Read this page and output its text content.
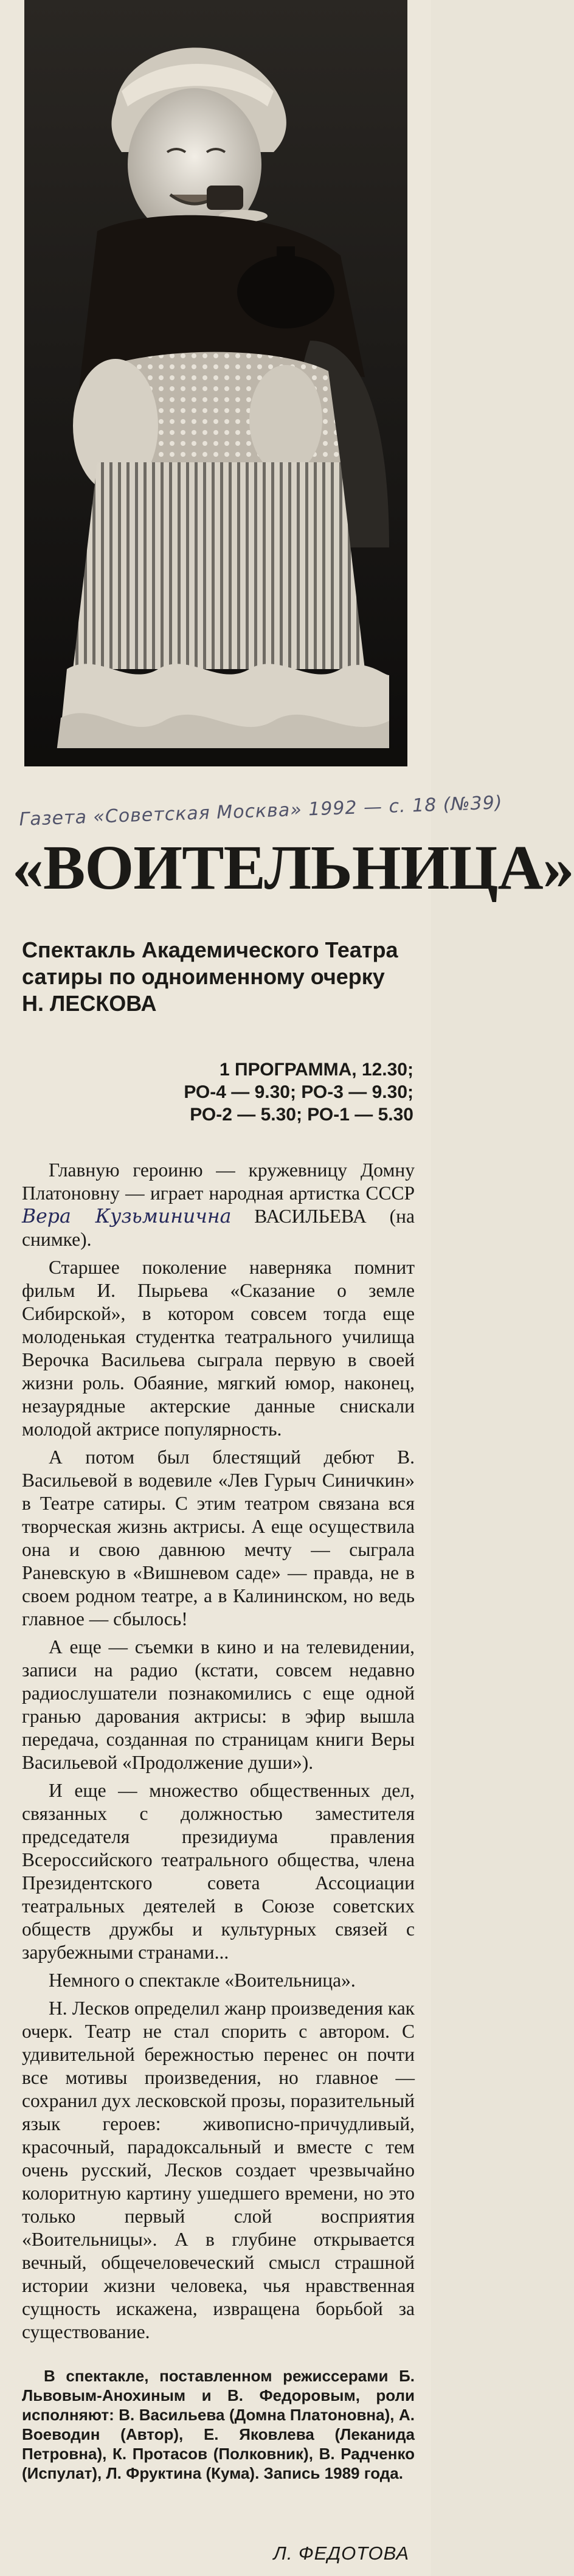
Газета «Советская Москва» 1992 — с. 18 (№39)
«ВОИТЕЛЬНИЦА»
Спектакль Академического Театра сатиры по одноименному очерку Н. ЛЕСКОВА
1 ПРОГРАММА, 12.30;
РО-4 — 9.30; РО-3 — 9.30;
РО-2 — 5.30; РО-1 — 5.30

Главную героиню — кружевницу Домну Платоновну — играет народная артистка СССР Вера Кузьминична ВАСИЛЬЕВА (на снимке).

Старшее поколение наверняка помнит фильм И. Пырьева «Сказание о земле Сибирской», в котором совсем тогда еще молоденькая студентка театрального училища Верочка Васильева сыграла первую в своей жизни роль. Обаяние, мягкий юмор, наконец, незаурядные актерские данные снискали молодой актрисе популярность.

А потом был блестящий дебют В. Васильевой в водевиле «Лев Гурыч Синичкин» в Театре сатиры. С этим театром связана вся творческая жизнь актрисы. А еще осуществила она и свою давнюю мечту — сыграла Раневскую в «Вишневом саде» — правда, не в своем родном театре, а в Калининском, но ведь главное — сбылось!

А еще — съемки в кино и на телевидении, записи на радио (кстати, совсем недавно радиослушатели познакомились с еще одной гранью дарования актрисы: в эфир вышла передача, созданная по страницам книги Веры Васильевой «Продолжение души»).

И еще — множество общественных дел, связанных с должностью заместителя председателя президиума правления Всероссийского театрального общества, члена Президентского совета Ассоциации театральных деятелей в Союзе советских обществ дружбы и культурных связей с зарубежными странами...

Немного о спектакле «Воительница».

Н. Лесков определил жанр произведения как очерк. Театр не стал спорить с автором. С удивительной бережностью перенес он почти все мотивы произведения, но главное — сохранил дух лесковской прозы, поразительный язык героев: живописно-причудливый, красочный, парадоксальный и вместе с тем очень русский, Лесков создает чрезвычайно колоритную картину ушедшего времени, но это только первый слой восприятия «Воительницы». А в глубине открывается вечный, общечеловеческий смысл страшной истории жизни человека, чья нравственная сущность искажена, извращена борьбой за существование.

В спектакле, поставленном режиссерами Б. Львовым-Анохиным и В. Федоровым, роли исполняют: В. Васильева (Домна Платоновна), А. Воеводин (Автор), Е. Яковлева (Леканида Петровна), К. Протасов (Полковник), В. Радченко (Испулат), Л. Фруктина (Кума). Запись 1989 года.

Л. ФЕДОТОВА
